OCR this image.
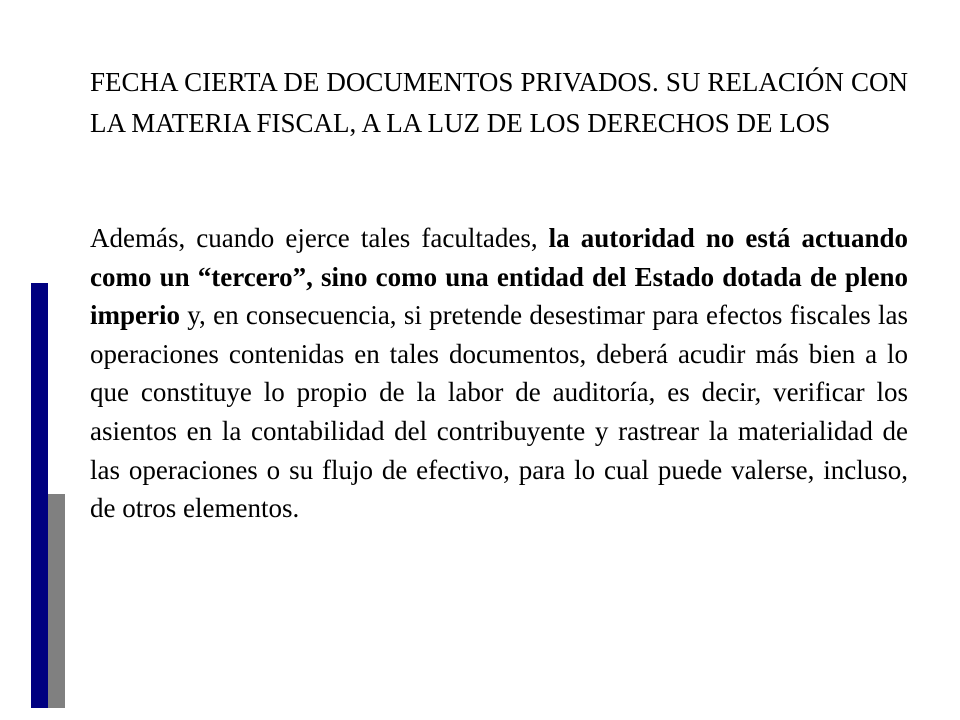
FECHA CIERTA DE DOCUMENTOS PRIVADOS. SU RELACIÓN CON LA MATERIA FISCAL, A LA LUZ DE LOS DERECHOS DE LOS

Además, cuando ejerce tales facultades, la autoridad no está actuando como un “tercero”, sino como una entidad del Estado dotada de pleno imperio y, en consecuencia, si pretende desestimar para efectos fiscales las operaciones contenidas en tales documentos, deberá acudir más bien a lo que constituye lo propio de la labor de auditoría, es decir, verificar los asientos en la contabilidad del contribuyente y rastrear la materialidad de las operaciones o su flujo de efectivo, para lo cual puede valerse, incluso, de otros elementos.
